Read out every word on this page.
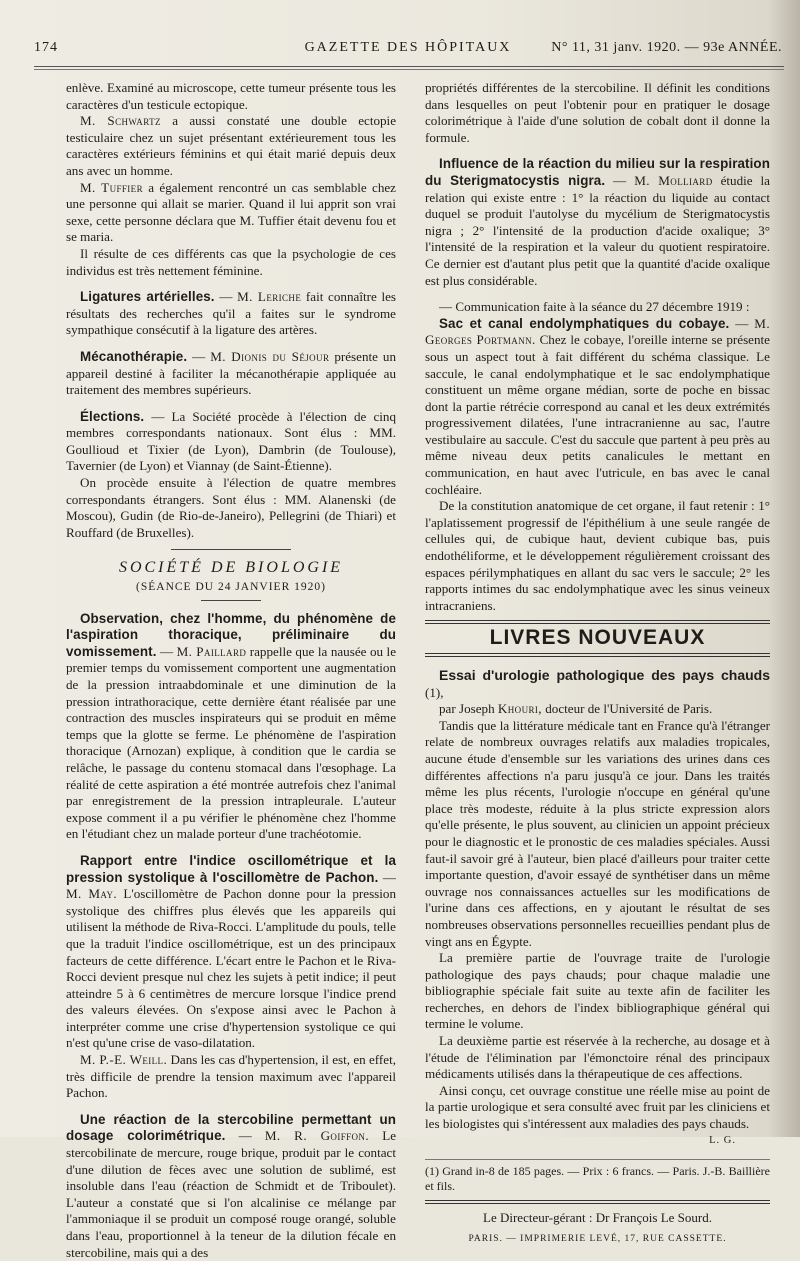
174	GAZETTE DES HÔPITAUX	N° 11, 31 janv. 1920. — 93e ANNÉE.

enlève. Examiné au microscope, cette tumeur présente tous les caractères d'un testicule ectopique.

M. Schwartz a aussi constaté une double ectopie testiculaire chez un sujet présentant extérieurement tous les caractères extérieurs féminins et qui était marié depuis deux ans avec un homme.

M. Tuffier a également rencontré un cas semblable chez une personne qui allait se marier. Quand il lui apprit son vrai sexe, cette personne déclara que M. Tuffier était devenu fou et se maria.

Il résulte de ces différents cas que la psychologie de ces individus est très nettement féminine.

Ligatures artérielles. — M. Leriche fait connaître les résultats des recherches qu'il a faites sur le syndrome sympathique consécutif à la ligature des artères.

Mécanothérapie. — M. Dionis du Séjour présente un appareil destiné à faciliter la mécanothérapie appliquée au traitement des membres supérieurs.

Élections. — La Société procède à l'élection de cinq membres correspondants nationaux. Sont élus : MM. Goullioud et Tixier (de Lyon), Dambrin (de Toulouse), Tavernier (de Lyon) et Viannay (de Saint-Étienne).

On procède ensuite à l'élection de quatre membres correspondants étrangers. Sont élus : MM. Alanenski (de Moscou), Gudin (de Rio-de-Janeiro), Pellegrini (de Thiari) et Rouffard (de Bruxelles).

SOCIÉTÉ DE BIOLOGIE
(SÉANCE DU 24 JANVIER 1920)

Observation, chez l'homme, du phénomène de l'aspiration thoracique, préliminaire du vomissement. — M. Paillard rappelle que la nausée ou le premier temps du vomissement comportent une augmentation de la pression intraabdominale et une diminution de la pression intrathoracique, cette dernière étant réalisée par une contraction des muscles inspirateurs qui se produit en même temps que la glotte se ferme. Le phénomène de l'aspiration thoracique (Arnozan) explique, à condition que le cardia se relâche, le passage du contenu stomacal dans l'œsophage. La réalité de cette aspiration a été montrée autrefois chez l'animal par enregistrement de la pression intrapleurale. L'auteur expose comment il a pu vérifier le phénomène chez l'homme en l'étudiant chez un malade porteur d'une trachéotomie.

Rapport entre l'indice oscillométrique et la pression systolique à l'oscillomètre de Pachon. — M. May. L'oscillomètre de Pachon donne pour la pression systolique des chiffres plus élevés que les appareils qui utilisent la méthode de Riva-Rocci. L'amplitude du pouls, telle que la traduit l'indice oscillométrique, est un des principaux facteurs de cette différence. L'écart entre le Pachon et le Riva-Rocci devient presque nul chez les sujets à petit indice; il peut atteindre 5 à 6 centimètres de mercure lorsque l'indice prend des valeurs élevées. On s'expose ainsi avec le Pachon à interpréter comme une crise d'hypertension systolique ce qui n'est qu'une crise de vaso-dilatation.

M. P.-E. Weill. Dans les cas d'hypertension, il est, en effet, très difficile de prendre la tension maximum avec l'appareil Pachon.

Une réaction de la stercobiline permettant un dosage colorimétrique. — M. R. Goiffon. Le stercobilinate de mercure, rouge brique, produit par le contact d'une dilution de fèces avec une solution de sublimé, est insoluble dans l'eau (réaction de Schmidt et de Triboulet). L'auteur a constaté que si l'on alcalinise ce mélange par l'ammoniaque il se produit un composé rouge orangé, soluble dans l'eau, proportionnel à la teneur de la dilution fécale en stercobiline, mais qui a des

propriétés différentes de la stercobiline. Il définit les conditions dans lesquelles on peut l'obtenir pour en pratiquer le dosage colorimétrique à l'aide d'une solution de cobalt dont il donne la formule.

Influence de la réaction du milieu sur la respiration du Sterigmatocystis nigra. — M. Molliard étudie la relation qui existe entre : 1° la réaction du liquide au contact duquel se produit l'autolyse du mycélium de Sterigmatocystis nigra ; 2° l'intensité de la production d'acide oxalique; 3° l'intensité de la respiration et la valeur du quotient respiratoire. Ce dernier est d'autant plus petit que la quantité d'acide oxalique est plus considérable.

— Communication faite à la séance du 27 décembre 1919 :

Sac et canal endolymphatiques du cobaye. — M. Georges Portmann. Chez le cobaye, l'oreille interne se présente sous un aspect tout à fait différent du schéma classique. Le saccule, le canal endolymphatique et le sac endolymphatique constituent un même organe médian, sorte de poche en bissac dont la partie rétrécie correspond au canal et les deux extrémités progressivement dilatées, l'une intracranienne au sac, l'autre vestibulaire au saccule. C'est du saccule que partent à peu près au même niveau deux petits canalicules le mettant en communication, en haut avec l'utricule, en bas avec le canal cochléaire.

De la constitution anatomique de cet organe, il faut retenir : 1° l'aplatissement progressif de l'épithélium à une seule rangée de cellules qui, de cubique haut, devient cubique bas, puis endothéliforme, et le développement régulièrement croissant des espaces périlymphatiques en allant du sac vers le saccule; 2° les rapports intimes du sac endolymphatique avec les sinus veineux intracraniens.

LIVRES NOUVEAUX

Essai d'urologie pathologique des pays chauds (1),

par Joseph Khouri, docteur de l'Université de Paris.

Tandis que la littérature médicale tant en France qu'à l'étranger relate de nombreux ouvrages relatifs aux maladies tropicales, aucune étude d'ensemble sur les variations des urines dans ces différentes affections n'a paru jusqu'à ce jour. Dans les traités même les plus récents, l'urologie n'occupe en général qu'une place très modeste, réduite à la plus stricte expression alors qu'elle présente, le plus souvent, au clinicien un appoint précieux pour le diagnostic et le pronostic de ces maladies spéciales. Aussi faut-il savoir gré à l'auteur, bien placé d'ailleurs pour traiter cette importante question, d'avoir essayé de synthétiser dans un même ouvrage nos connaissances actuelles sur les modifications de l'urine dans ces affections, en y ajoutant le résultat de ses nombreuses observations personnelles recueillies pendant plus de vingt ans en Égypte.

La première partie de l'ouvrage traite de l'urologie pathologique des pays chauds; pour chaque maladie une bibliographie spéciale fait suite au texte afin de faciliter les recherches, en dehors de l'index bibliographique général qui termine le volume.

La deuxième partie est réservée à la recherche, au dosage et à l'étude de l'élimination par l'émonctoire rénal des principaux médicaments utilisés dans la thérapeutique de ces affections.

Ainsi conçu, cet ouvrage constitue une réelle mise au point de la partie urologique et sera consulté avec fruit par les cliniciens et les biologistes qui s'intéressent aux maladies des pays chauds.

L. G.
(1) Grand in-8 de 185 pages. — Prix : 6 francs. — Paris. J.-B. Baillière et fils.
Le Directeur-gérant : Dr François Le Sourd.
PARIS. — IMPRIMERIE LEVÉ, 17, RUE CASSETTE.
